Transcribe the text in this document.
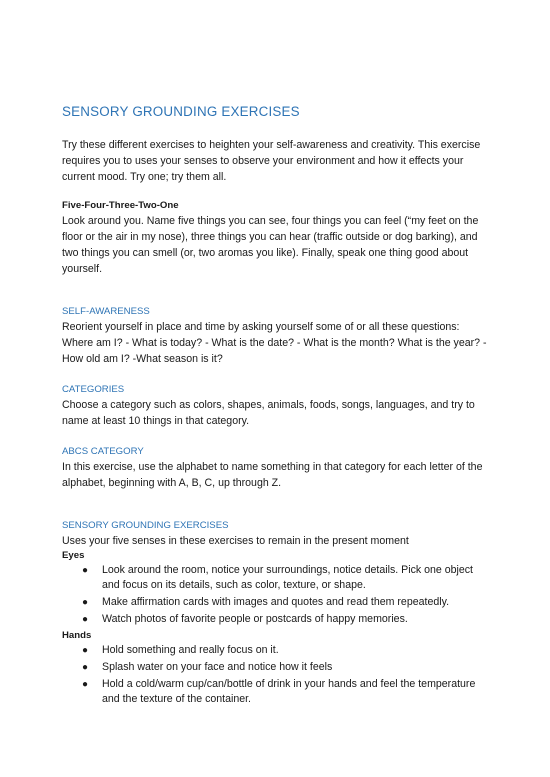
SENSORY GROUNDING EXERCISES

Try these different exercises to heighten your self-awareness and creativity. This exercise requires you to uses your senses to observe your environment and how it effects your current mood. Try one; try them all.

Five-Four-Three-Two-One

Look around you. Name five things you can see, four things you can feel (“my feet on the floor or the air in my nose), three things you can hear (traffic outside or dog barking), and two things you can smell (or, two aromas you like). Finally, speak one thing good about yourself.

SELF-AWARENESS

Reorient yourself in place and time by asking yourself some of or all these questions:

Where am I? - What is today? - What is the date? - What is the month? What is the year? - How old am I? -What season is it?

CATEGORIES

Choose a category such as colors, shapes, animals, foods, songs, languages, and try to name at least 10 things in that category.

ABCS CATEGORY

In this exercise, use the alphabet to name something in that category for each letter of the alphabet, beginning with A, B, C, up through Z.

SENSORY GROUNDING EXERCISES

Uses your five senses in these exercises to remain in the present moment

Eyes

● Look around the room, notice your surroundings, notice details. Pick one object and focus on its details, such as color, texture, or shape.
● Make affirmation cards with images and quotes and read them repeatedly.
● Watch photos of favorite people or postcards of happy memories.

Hands

● Hold something and really focus on it.
● Splash water on your face and notice how it feels
● Hold a cold/warm cup/can/bottle of drink in your hands and feel the temperature and the texture of the container.
